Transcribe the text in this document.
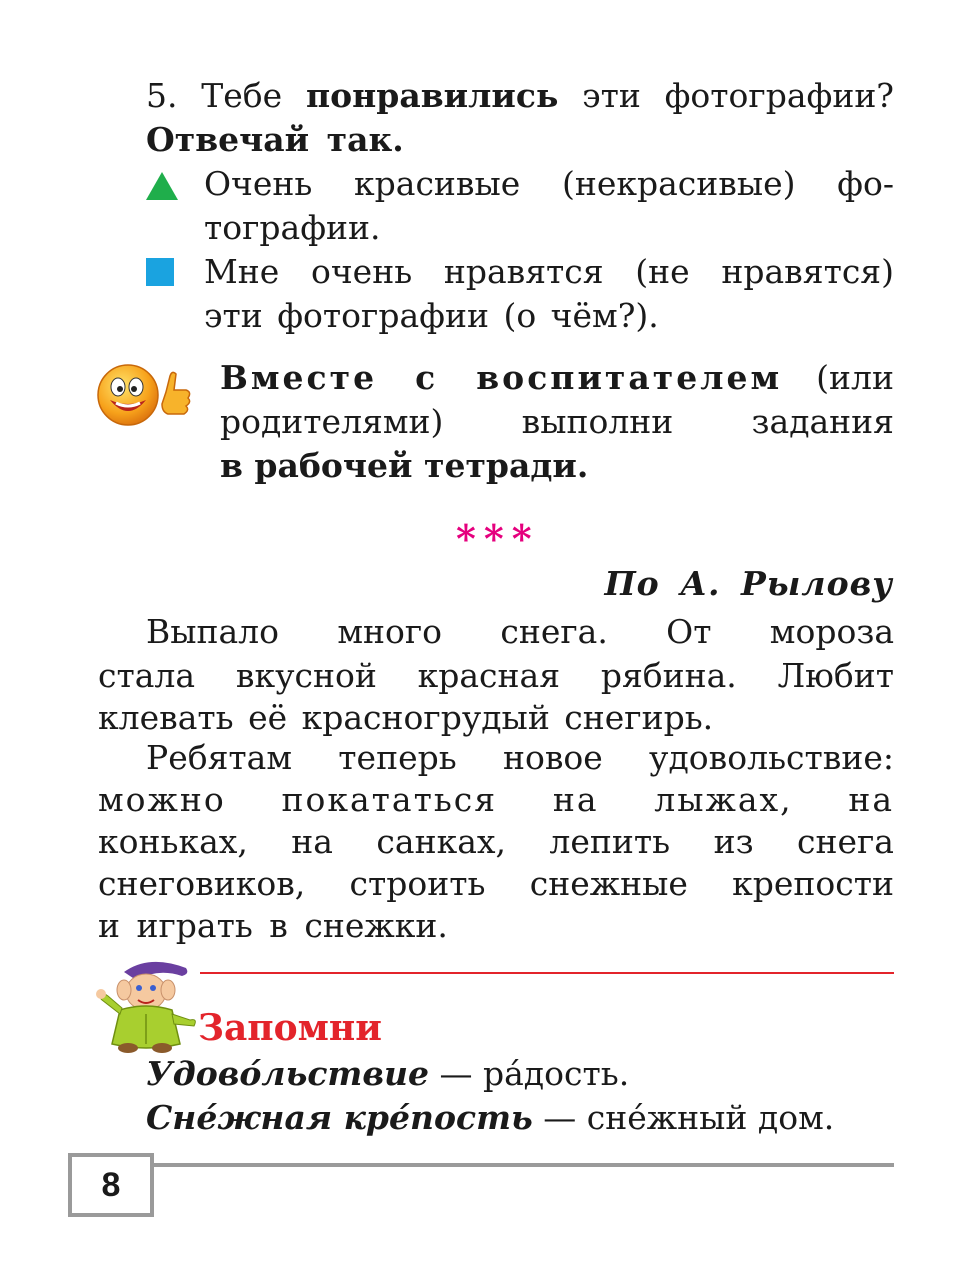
5. Тебе понравились эти фотографии?
Отвечай так.
Очень красивые (некрасивые) фо-
тографии.
Мне очень нравятся (не нравятся)
эти фотографии (о чём?).
Вместе с воспитателем (или
родителями) выполни задания
в рабочей тетради.
***
По А. Рылову
Выпало много снега. От мороза
стала вкусной красная рябина. Любит
клевать её красногрудый снегирь.
Ребятам теперь новое удовольствие:
можно покататься на лыжах, на
коньках, на санках, лепить из снега
снеговиков, строить снежные крепости
и играть в снежки.
Запомни
Удово́льствие — ра́дость.
Сне́жная кре́пость — сне́жный дом.
8
